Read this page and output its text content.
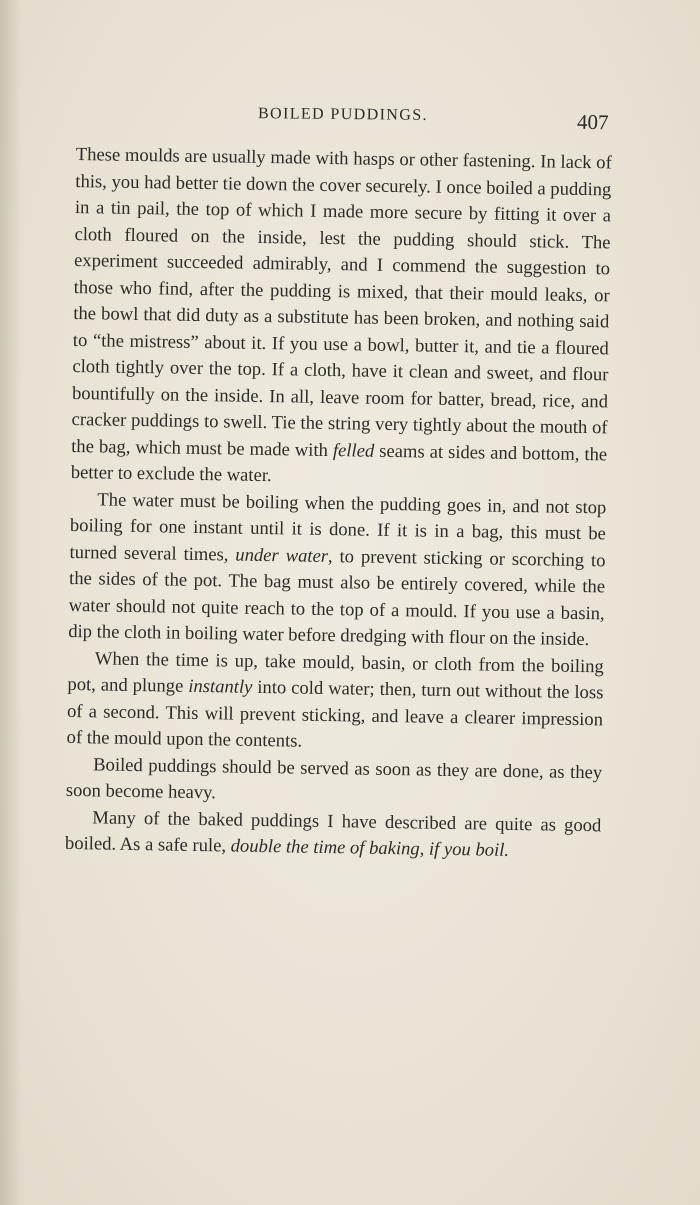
BOILED PUDDINGS.	407

These moulds are usually made with hasps or other fastening. In lack of this, you had better tie down the cover securely. I once boiled a pudding in a tin pail, the top of which I made more secure by fitting it over a cloth floured on the inside, lest the pudding should stick. The experiment succeeded admirably, and I commend the suggestion to those who find, after the pudding is mixed, that their mould leaks, or the bowl that did duty as a substitute has been broken, and nothing said to “the mistress” about it. If you use a bowl, butter it, and tie a floured cloth tightly over the top. If a cloth, have it clean and sweet, and flour bountifully on the inside. In all, leave room for batter, bread, rice, and cracker puddings to swell. Tie the string very tightly about the mouth of the bag, which must be made with felled seams at sides and bottom, the better to exclude the water.

The water must be boiling when the pudding goes in, and not stop boiling for one instant until it is done. If it is in a bag, this must be turned several times, under water, to prevent sticking or scorching to the sides of the pot. The bag must also be entirely covered, while the water should not quite reach to the top of a mould. If you use a basin, dip the cloth in boiling water before dredging with flour on the inside.

When the time is up, take mould, basin, or cloth from the boiling pot, and plunge instantly into cold water; then, turn out without the loss of a second. This will prevent sticking, and leave a clearer impression of the mould upon the contents.

Boiled puddings should be served as soon as they are done, as they soon become heavy.

Many of the baked puddings I have described are quite as good boiled. As a safe rule, double the time of baking, if you boil.
